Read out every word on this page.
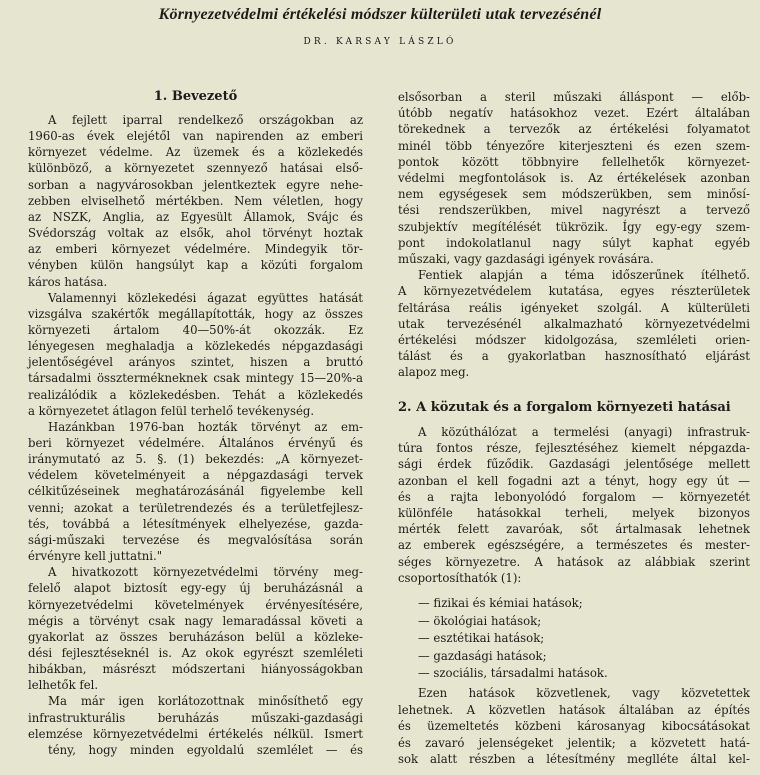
Környezetvédelmi értékelési módszer külterületi utak tervezésénél
DR. KARSAY LÁSZLÓ
1. Bevezető
A fejlett iparral rendelkező országokban az
1960-as évek elejétől van napirenden az emberi
környezet védelme. Az üzemek és a közlekedés
különböző, a környezetet szennyező hatásai első-
sorban a nagyvárosokban jelentkeztek egyre nehe-
zebben elviselhető mértékben. Nem véletlen, hogy
az NSZK, Anglia, az Egyesült Államok, Svájc és
Svédország voltak az elsők, ahol törvényt hoztak
az emberi környezet védelmére. Mindegyik tör-
vényben külön hangsúlyt kap a közúti forgalom
káros hatása.
Valamennyi közlekedési ágazat együttes hatását
vizsgálva szakértők megállapították, hogy az összes
környezeti ártalom 40—50%-át okozzák. Ez
lényegesen meghaladja a közlekedés népgazdasági
jelentőségével arányos szintet, hiszen a bruttó
társadalmi össztermékneknek csak mintegy 15—20%-a
realizálódik a közlekedésben. Tehát a közlekedés
a környezetet átlagon felül terhelő tevékenység.
Hazánkban 1976-ban hozták törvényt az em-
beri környezet védelmére. Általános érvényű és
iránymutató az 5. §. (1) bekezdés: „A környezet-
védelem követelményeit a népgazdasági tervek
célkitűzéseinek meghatározásánál figyelembe kell
venni; azokat a területrendezés és a területfejlesz-
tés, továbbá a létesítmények elhelyezése, gazda-
sági-műszaki tervezése és megvalósítása során
érvényre kell juttatni."
A hivatkozott környezetvédelmi törvény meg-
felelő alapot biztosít egy-egy új beruházásnál a
környezetvédelmi követelmények érvényesítésére,
mégis a törvényt csak nagy lemaradással követi a
gyakorlat az összes beruházáson belül a közleke-
dési fejlesztéseknél is. Az okok egyrészt szemléleti
hibákban, másrészt módszertani hiányosságokban
lelhetők fel.
Ma már igen korlátozottnak minősíthető egy
infrastrukturális beruházás műszaki-gazdasági
elemzése környezetvédelmi értékelés nélkül. Ismert
tény, hogy minden egyoldalú szemlélet — és
2. A közutak és a forgalom környezeti hatásai
elsősorban a steril műszaki álláspont — előb-
útóbb negatív hatásokhoz vezet. Ezért általában
törekednek a tervezők az értékelési folyamatot
minél több tényezőre kiterjeszteni és ezen szem-
pontok között többnyire fellelhetők környezet-
védelmi megfontolások is. Az értékelések azonban
nem egységesek sem módszerükben, sem minősí-
tési rendszerükben, mivel nagyrészt a tervező
szubjektív megítélését tükrözik. Így egy-egy szem-
pont indokolatlanul nagy súlyt kaphat egyéb
műszaki, vagy gazdasági igények rovására.
Fentiek alapján a téma időszerűnek ítélhető.
A környezetvédelem kutatása, egyes részterületek
feltárása reális igényeket szolgál. A külterületi
utak tervezésénél alkalmazható környezetvédelmi
értékelési módszer kidolgozása, szemléleti orien-
tálást és a gyakorlatban hasznosítható eljárást
alapoz meg.
A közúthálózat a termelési (anyagi) infrastruk-
túra fontos része, fejlesztéséhez kiemelt népgazda-
sági érdek fűződik. Gazdasági jelentősége mellett
azonban el kell fogadni azt a tényt, hogy egy út —
és a rajta lebonyolódó forgalom — környezetét
különféle hatásokkal terheli, melyek bizonyos
mérték felett zavaróak, sőt ártalmasak lehetnek
az emberek egészségére, a természetes és mester-
séges környezetre. A hatások az alábbiak szerint
csoportosíthatók (1):
— fizikai és kémiai hatások;
— ökológiai hatások;
— esztétikai hatások;
— gazdasági hatások;
— szociális, társadalmi hatások.
Ezen hatások közvetlenek, vagy közvetettek
lehetnek. A közvetlen hatások általában az építés
és üzemeltetés közbeni károsanyag kibocsátásokat
és zavaró jelenségeket jelentik; a közvetett hatá-
sok alatt részben a létesítmény meglléte által kel-
